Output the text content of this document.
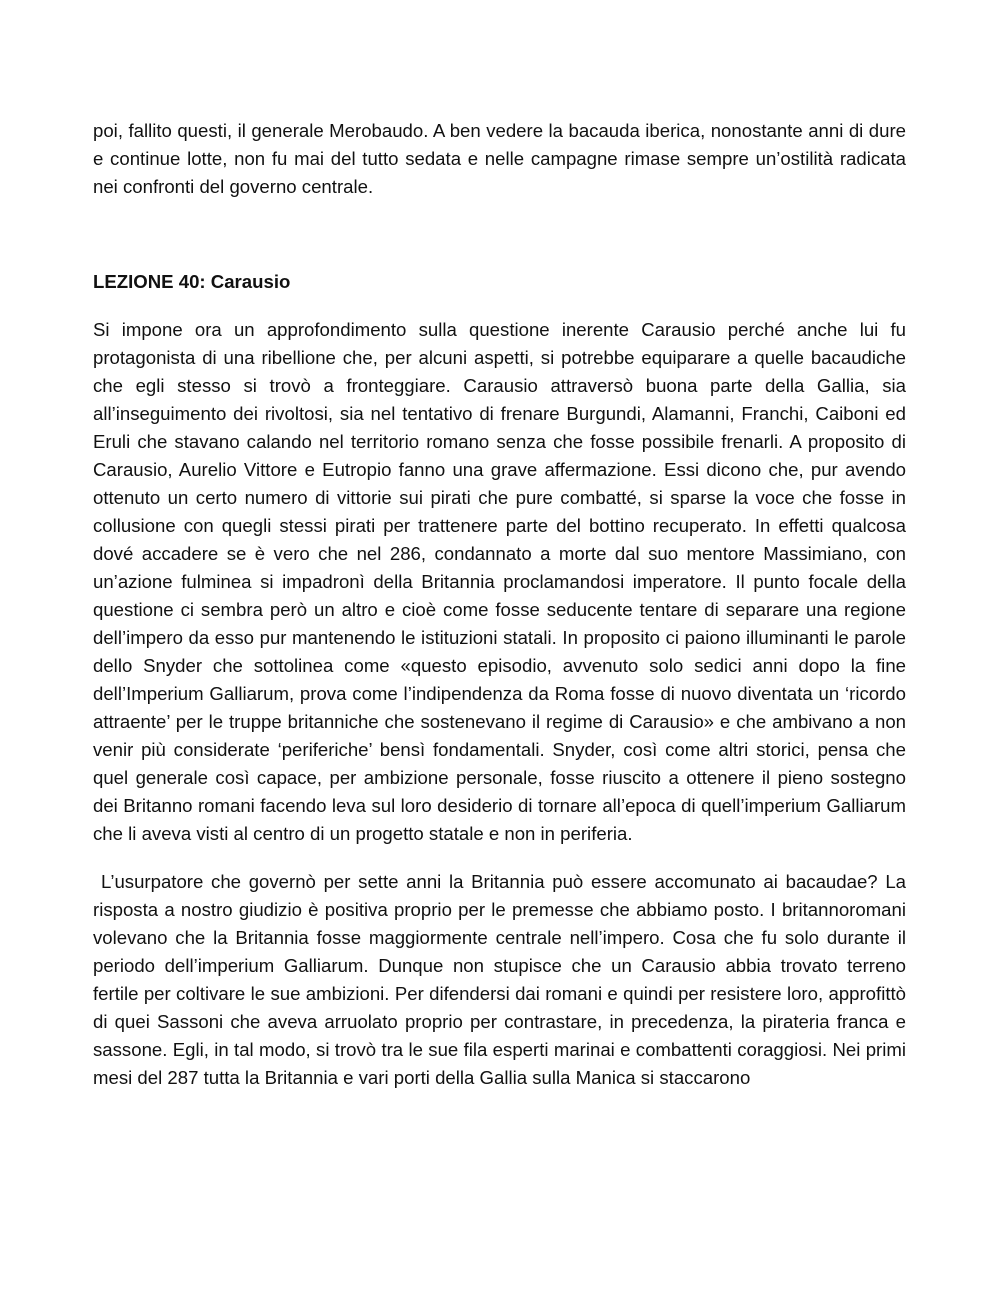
poi, fallito questi, il generale Merobaudo. A ben vedere la bacauda iberica, nonostante anni di dure e continue lotte, non fu mai del tutto sedata e nelle campagne rimase sempre un’ostilità radicata nei confronti del governo centrale.

LEZIONE 40: Carausio

Si impone ora un approfondimento sulla questione inerente Carausio perché anche lui fu protagonista di una ribellione che, per alcuni aspetti, si potrebbe equiparare a quelle bacaudiche che egli stesso si trovò a fronteggiare. Carausio attraversò buona parte della Gallia, sia all’inseguimento dei rivoltosi, sia nel tentativo di frenare Burgundi, Alamanni, Franchi, Caiboni ed Eruli che stavano calando nel territorio romano senza che fosse possibile frenarli. A proposito di Carausio, Aurelio Vittore e Eutropio fanno una grave affermazione. Essi dicono che, pur avendo ottenuto un certo numero di vittorie sui pirati che pure combatté, si sparse la voce che fosse in collusione con quegli stessi pirati per trattenere parte del bottino recuperato. In effetti qualcosa dové accadere se è vero che nel 286, condannato a morte dal suo mentore Massimiano, con un’azione fulminea si impadronì della Britannia proclamandosi imperatore. Il punto focale della questione ci sembra però un altro e cioè come fosse seducente tentare di separare una regione dell’impero da esso pur mantenendo le istituzioni statali. In proposito ci paiono illuminanti le parole dello Snyder che sottolinea come «questo episodio, avvenuto solo sedici anni dopo la fine dell’Imperium Galliarum, prova come l’indipendenza da Roma fosse di nuovo diventata un ‘ricordo attraente’ per le truppe britanniche che sostenevano il regime di Carausio» e che ambivano a non venir più considerate ‘periferiche’ bensì fondamentali. Snyder, così come altri storici, pensa che quel generale così capace, per ambizione personale, fosse riuscito a ottenere il pieno sostegno dei Britanno romani facendo leva sul loro desiderio di tornare all’epoca di quell’imperium Galliarum che li aveva visti al centro di un progetto statale e non in periferia.

L’usurpatore che governò per sette anni la Britannia può essere accomunato ai bacaudae? La risposta a nostro giudizio è positiva proprio per le premesse che abbiamo posto. I britannoromani volevano che la Britannia fosse maggiormente centrale nell’impero. Cosa che fu solo durante il periodo dell’imperium Galliarum. Dunque non stupisce che un Carausio abbia trovato terreno fertile per coltivare le sue ambizioni. Per difendersi dai romani e quindi per resistere loro, approfittò di quei Sassoni che aveva arruolato proprio per contrastare, in precedenza, la pirateria franca e sassone. Egli, in tal modo, si trovò tra le sue fila esperti marinai e combattenti coraggiosi. Nei primi mesi del 287 tutta la Britannia e vari porti della Gallia sulla Manica si staccarono
